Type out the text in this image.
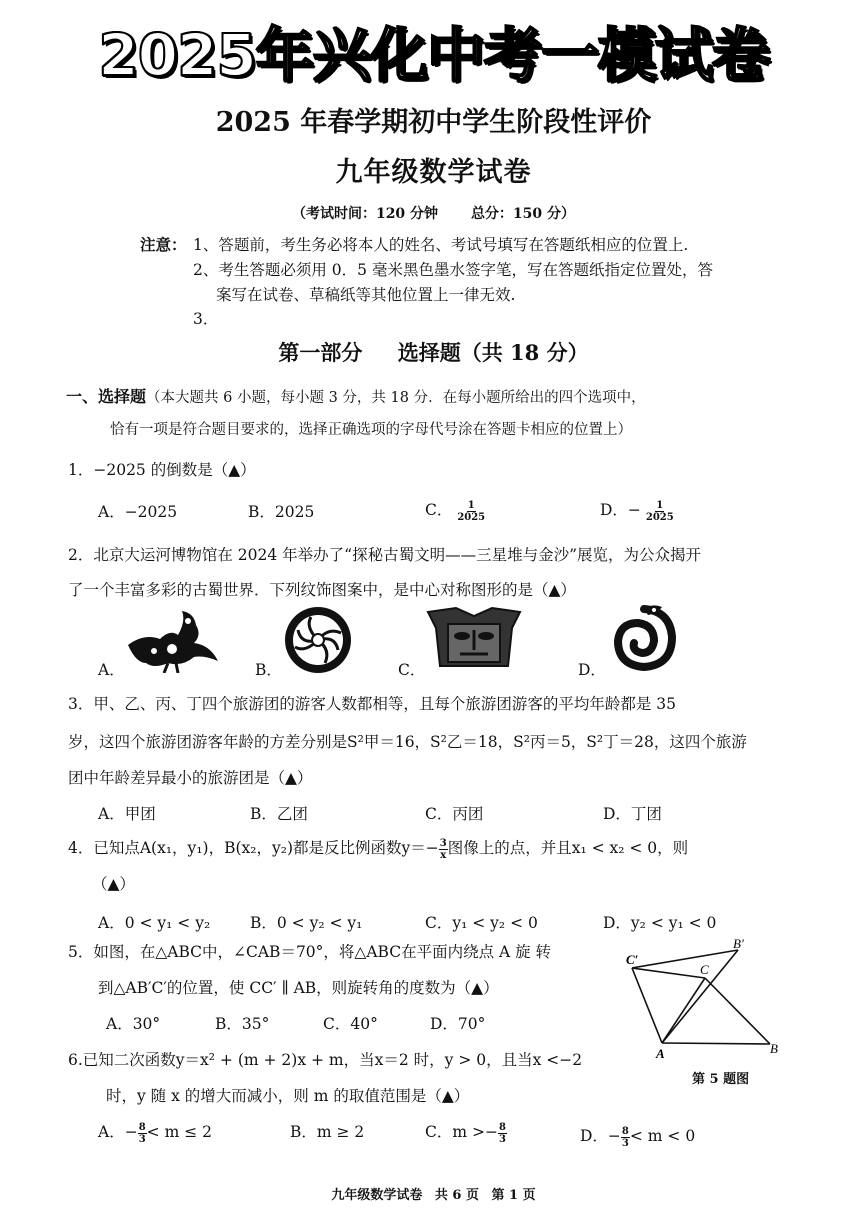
2025年兴化中考一模试卷
2025 年春学期初中学生阶段性评价
九年级数学试卷
（考试时间：120 分钟 总分：150 分）
注意： 1、答题前，考生务必将本人的姓名、考试号填写在答题纸相应的位置上.
2、考生答题必须用 0．5 毫米黑色墨水签字笔，写在答题纸指定位置处，答
案写在试卷、草稿纸等其他位置上一律无效.
3．
第一部分 选择题（共 18 分）
一、选择题（本大题共 6 小题，每小题 3 分，共 18 分．在每小题所给出的四个选项中，
恰有一项是符合题目要求的，选择正确选项的字母代号涂在答题卡相应的位置上）
1．−2025 的倒数是（▲）
A．−2025	B．2025	C． $\frac{1}{2025}$	D．− $\frac{1}{2025}$
2．北京大运河博物馆在 2024 年举办了“探秘古蜀文明——三星堆与金沙”展览，为公众揭开
了一个丰富多彩的古蜀世界．下列纹饰图案中，是中心对称图形的是（▲）
A．	B．	C．	D．
3．甲、乙、丙、丁四个旅游团的游客人数都相等，且每个旅游团游客的平均年龄都是 35
岁，这四个旅游团游客年龄的方差分别是S²甲＝16，S²乙＝18，S²丙＝5，S²丁＝28，这四个旅游
团中年龄差异最小的旅游团是（▲）
A．甲团	B．乙团	C．丙团	D．丁团
4．已知点A(x₁，y₁)，B(x₂，y₂)都是反比例函数$y=- \frac{3}{x}$ 图像上的点，并且x₁ < x₂ < 0，则
（▲）
A．0 < y₁ < y₂	B．0 < y₂ < y₁	C．y₁ < y₂ < 0	D．y₂ < y₁ < 0
5．如图，在△ABC中，∠CAB＝70°，将△ABC在平面内绕点 A 旋 转
到△AB′C′的位置，使 CC′ ∥ AB，则旋转角的度数为（▲）
A．30°	B．35°	C．40°	D．70°
A	B
C
B′
C′
第 5 题图
6.已知二次函数y＝x² + (m + 2)x + m，当x＝2 时，y > 0，且当x <−2
时，y 随 x 的增大而减小，则 m 的取值范围是（▲）
A．− $\frac{8}{3} < m \le 2$	B．m ≥ 2	C．$m >- \frac{8}{3}$	D．− $\frac{8}{3} < m < 0$
九年级数学试卷 共 6 页 第 1 页
